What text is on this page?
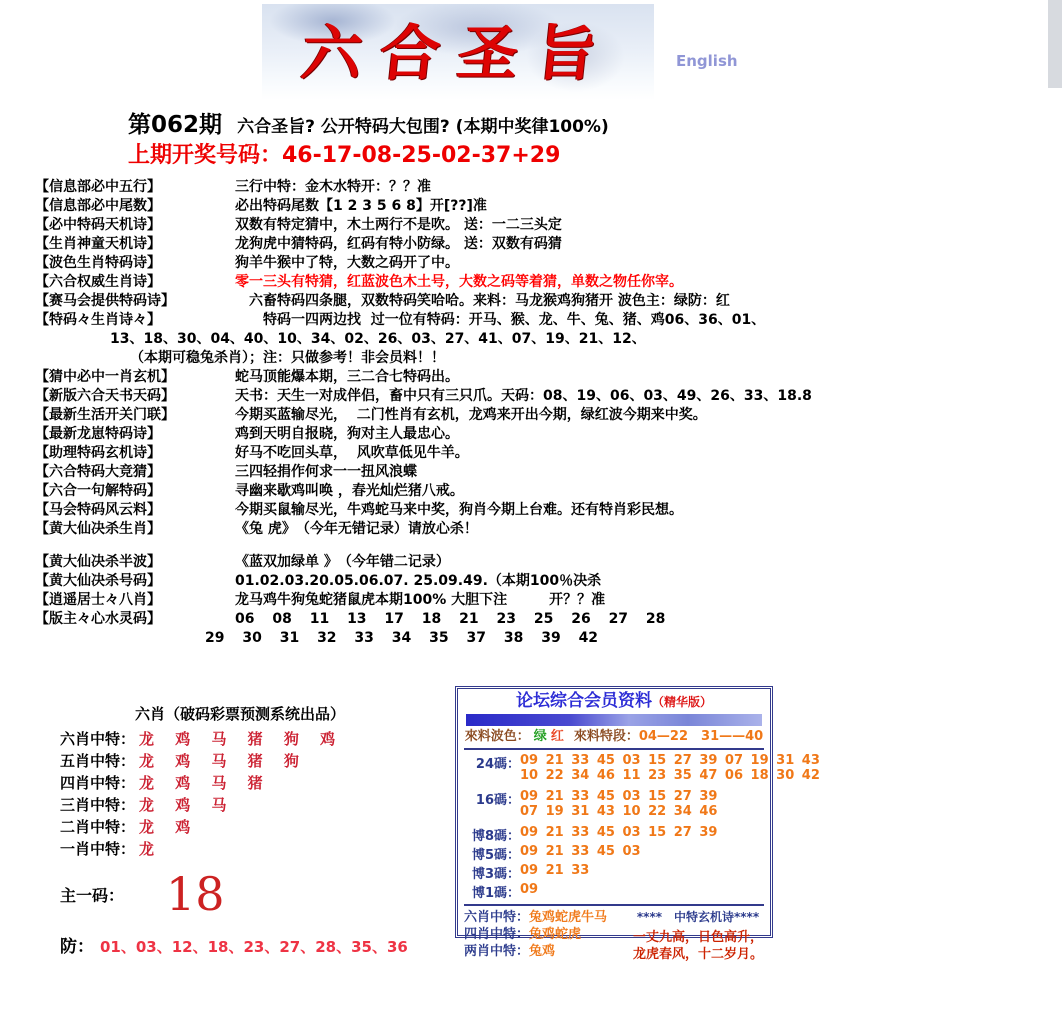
六合圣旨	English
第062期 六合圣旨? 公开特码大包围? (本期中奖律100%)
上期开奖号码：46-17-08-25-02-37+29
【信息部必中五行】	三行中特：金木水特开：？？准
【信息部必中尾数】	必出特码尾数【1 2 3 5 6 8】开[??]准
【必中特码天机诗】	双数有特定猜中，木土两行不是吹。 送：一二三头定
【生肖神童天机诗】	龙狗虎中猜特码，红码有特小防绿。 送：双数有码猜
【波色生肖特码诗】	狗羊牛猴中了特，大数之码开了中。
【六合权威生肖诗】	零一三头有特猜，红蓝波色木土号，大数之码等着猜，单数之物任你宰。
【赛马会提供特码诗】	　六畜特码四条腿，双数特码笑哈哈。来料：马龙猴鸡狗猪开 波色主：绿防：红
【特码々生肖诗々】	　　特码一四两边找  过一位有特码：开马、猴、龙、牛、兔、猪、鸡06、36、01、
13、18、30、04、40、10、34、02、26、03、27、41、07、19、21、12、
（本期可稳兔杀肖）；注：只做参考！非会员料！！
【猜中必中一肖玄机】	蛇马顶能爆本期，三二合七特码出。
【新版六合天书天码】	天书：天生一对成伴侣，畜中只有三只爪。天码：08、19、06、03、49、26、33、18.8
【最新生活开关门联】	今期买蓝输尽光，  二门性肖有玄机，龙鸡来开出今期，绿红波今期来中奖。
【最新龙崽特码诗】	鸡到天明自报晓，狗对主人最忠心。
【助理特码玄机诗】	好马不吃回头草，  风吹草低见牛羊。
【六合特码大竞猜】	三四轻捐作何求一一扭风浪蝶
【六合一句解特码】	寻幽来歇鸡叫唤 ，春光灿烂猪八戒。
【马会特码风云料】	今期买鼠输尽光，牛鸡蛇马来中奖，狗肖今期上台难。还有特肖彩民想。
【黄大仙决杀生肖】	《兔 虎》　（今年无错记录）请放心杀！
【黄大仙决杀半波】	《蓝双加绿单 》　（今年错二记录）
【黄大仙决杀号码】	01.02.03.20.05.06.07. 25.09.49.（本期100％决杀
【逍遥居士々八肖】	龙马鸡牛狗兔蛇猪鼠虎本期100% 大胆下注　　　开？？准
【版主々心水灵码】	06 08 11 13 17 18 21 23 25 26 27 28
29 30 31 32 33 34 35 37 38 39 42
六肖（破码彩票预测系统出品）
六肖中特： 龙 鸡 马 猪 狗 鸡
五肖中特： 龙 鸡 马 猪 狗
四肖中特： 龙 鸡 马 猪
三肖中特： 龙 鸡 马
二肖中特： 龙 鸡
一肖中特： 龙
主一码： 18
防： 01、03、12、18、23、27、28、35、36
论坛综合会员资料（精华版）
來料波色： 绿 红 來料特段：04—22　31——40
24碼： 09 21 33 45 03 15 27 39 07 19 31 43
10 22 34 46 11 23 35 47 06 18 30 42
16碼： 09 21 33 45 03 15 27 39
07 19 31 43 10 22 34 46
博8碼： 09 21 33 45 03 15 27 39
博5碼： 09 21 33 45 03
博3碼： 09 21 33
博1碼： 09
六肖中特：兔鸡蛇虎牛马
四肖中特：兔鸡蛇虎
两肖中特：兔鸡
****　中特玄机诗****
一丈九高，日色高升，
龙虎春风，十二岁月。
